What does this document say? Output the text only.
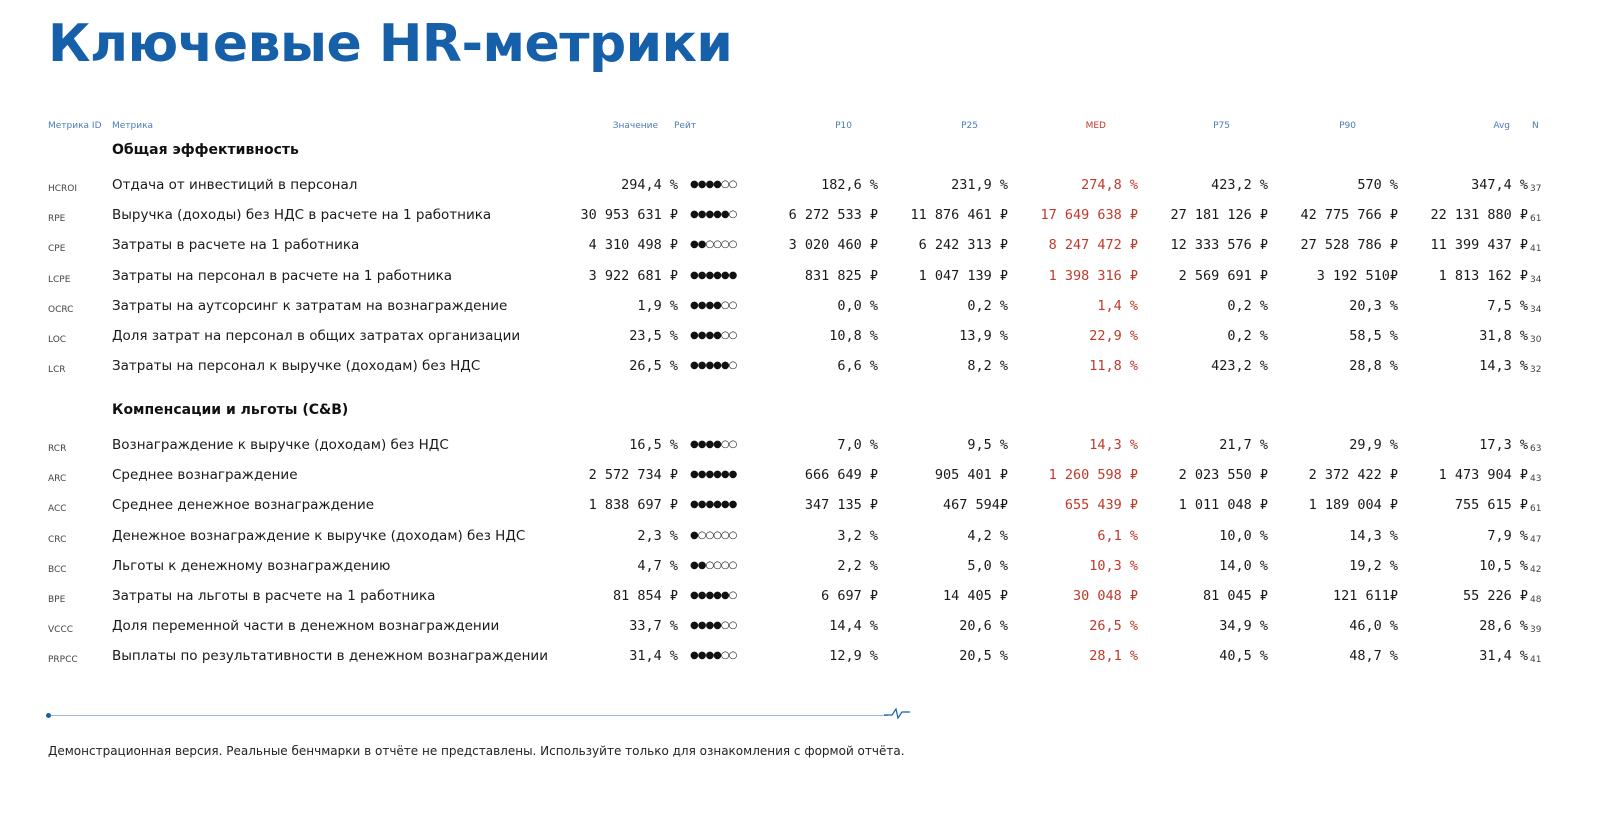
Ключевые HR-метрики
Метрика ID	Метрика	Значение Рейт	P10	P25	MED	P75	P90	Avg N
Общая эффективность
HCROI	Отдача от инвестиций в персонал	294,4 % ●●●●○○	182,6 %	231,9 %	274,8 %	423,2 %	570 %	347,4 % 37
RPE	Выручка (доходы) без НДС в расчете на 1 работника	30 953 631 ₽ ●●●●●○	6 272 533 ₽	11 876 461 ₽	17 649 638 ₽	27 181 126 ₽	42 775 766 ₽	22 131 880 ₽ 61
CPE	Затраты в расчете на 1 работника	4 310 498 ₽ ●●○○○○	3 020 460 ₽	6 242 313 ₽	8 247 472 ₽	12 333 576 ₽	27 528 786 ₽	11 399 437 ₽ 41
LCPE	Затраты на персонал в расчете на 1 работника	3 922 681 ₽ ●●●●●●	831 825 ₽	1 047 139 ₽	1 398 316 ₽	2 569 691 ₽	3 192 510₽	1 813 162 ₽ 34
OCRC	Затраты на аутсорсинг к затратам на вознаграждение	1,9 % ●●●●○○	0,0 %	0,2 %	1,4 %	0,2 %	20,3 %	7,5 % 34
LOC	Доля затрат на персонал в общих затратах организации	23,5 % ●●●●○○	10,8 %	13,9 %	22,9 %	0,2 %	58,5 %	31,8 % 30
LCR	Затраты на персонал к выручке (доходам) без НДС	26,5 % ●●●●●○	6,6 %	8,2 %	11,8 %	423,2 %	28,8 %	14,3 % 32
Компенсации и льготы (C&B)
RCR	Вознаграждение к выручке (доходам) без НДС	16,5 % ●●●●○○	7,0 %	9,5 %	14,3 %	21,7 %	29,9 %	17,3 % 63
ARC	Среднее вознаграждение	2 572 734 ₽ ●●●●●●	666 649 ₽	905 401 ₽	1 260 598 ₽	2 023 550 ₽	2 372 422 ₽	1 473 904 ₽ 43
ACC	Среднее денежное вознаграждение	1 838 697 ₽ ●●●●●●	347 135 ₽	467 594₽	655 439 ₽	1 011 048 ₽	1 189 004 ₽	755 615 ₽ 61
CRC	Денежное вознаграждение к выручке (доходам) без НДС	2,3 % ●○○○○○	3,2 %	4,2 %	6,1 %	10,0 %	14,3 %	7,9 % 47
BCC	Льготы к денежному вознаграждению	4,7 % ●●○○○○	2,2 %	5,0 %	10,3 %	14,0 %	19,2 %	10,5 % 42
BPE	Затраты на льготы в расчете на 1 работника	81 854 ₽ ●●●●●○	6 697 ₽	14 405 ₽	30 048 ₽	81 045 ₽	121 611₽	55 226 ₽ 48
VCCC	Доля переменной части в денежном вознаграждении	33,7 % ●●●●○○	14,4 %	20,6 %	26,5 %	34,9 %	46,0 %	28,6 % 39
PRPCC	Выплаты по результативности в денежном вознаграждении	31,4 % ●●●●○○	12,9 %	20,5 %	28,1 %	40,5 %	48,7 %	31,4 % 41
Демонстрационная версия. Реальные бенчмарки в отчёте не представлены. Используйте только для ознакомления с формой отчёта.
